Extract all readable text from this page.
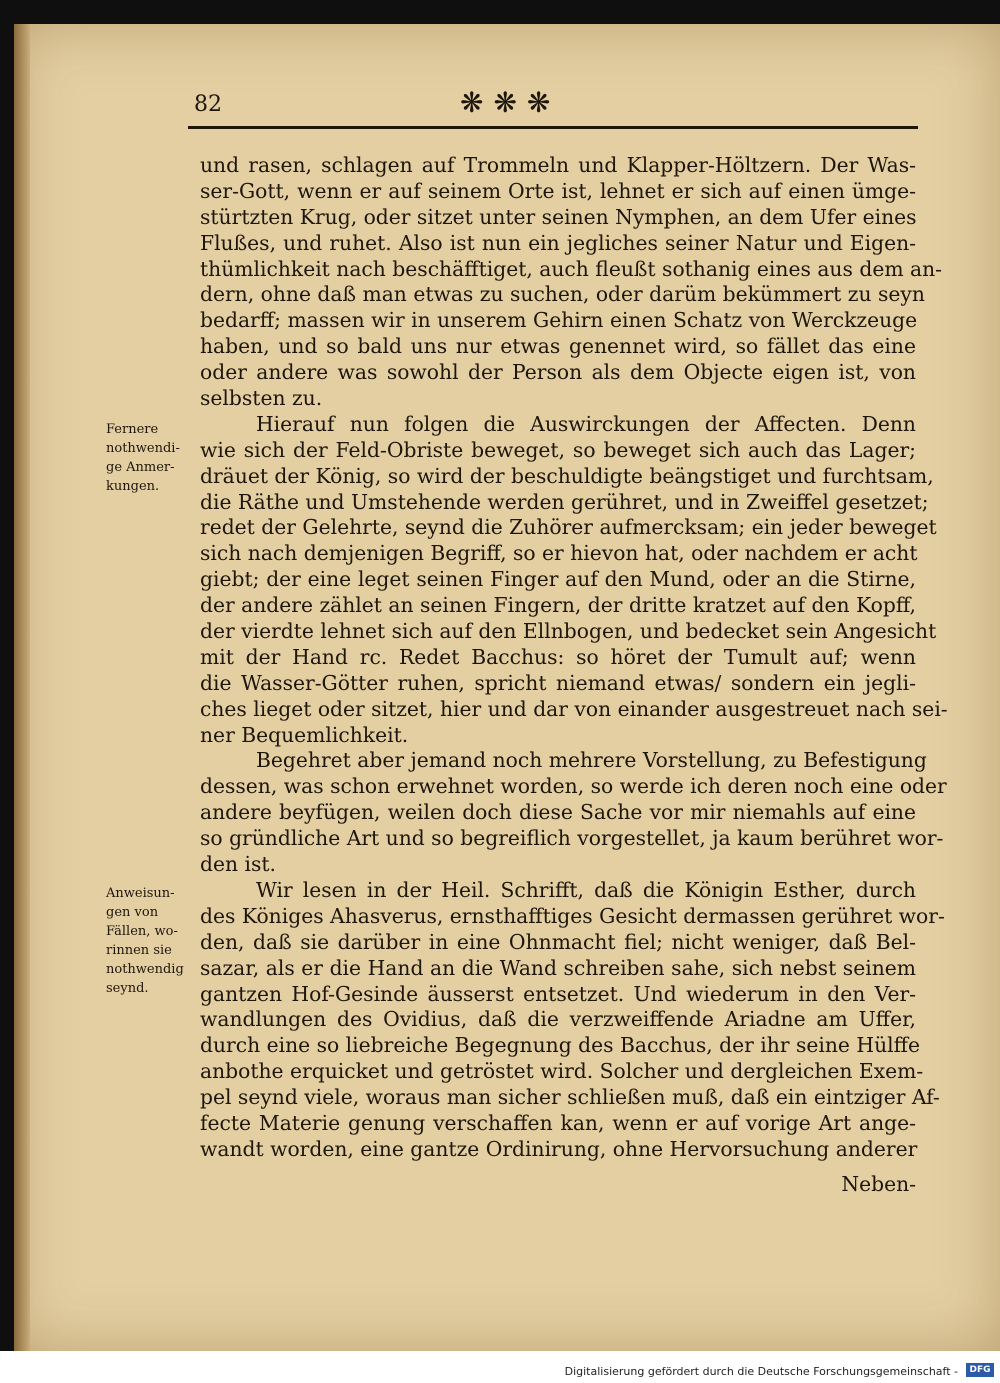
82	❋❋❋
und rasen, schlagen auf Trommeln und Klapper-Höltzern. Der Was-
ser-Gott, wenn er auf seinem Orte ist, lehnet er sich auf einen ümge-
stürtzten Krug, oder sitzet unter seinen Nymphen, an dem Ufer eines
Flußes, und ruhet. Also ist nun ein jegliches seiner Natur und Eigen-
thümlichkeit nach beschäfftiget, auch fleußt sothanig eines aus dem an-
dern, ohne daß man etwas zu suchen, oder darüm bekümmert zu seyn
bedarff; massen wir in unserem Gehirn einen Schatz von Werckzeuge
haben, und so bald uns nur etwas genennet wird, so fället das eine
oder andere was sowohl der Person als dem Objecte eigen ist, von
selbsten zu.
Hierauf nun folgen die Auswirckungen der Affecten. Denn
wie sich der Feld-Obriste beweget, so beweget sich auch das Lager;
dräuet der König, so wird der beschuldigte beängstiget und furchtsam,
die Räthe und Umstehende werden gerühret, und in Zweiffel gesetzet;
redet der Gelehrte, seynd die Zuhörer aufmercksam; ein jeder beweget
sich nach demjenigen Begriff, so er hievon hat, oder nachdem er acht
giebt; der eine leget seinen Finger auf den Mund, oder an die Stirne,
der andere zählet an seinen Fingern, der dritte kratzet auf den Kopff,
der vierdte lehnet sich auf den Ellnbogen, und bedecket sein Angesicht
mit der Hand rc. Redet Bacchus: so höret der Tumult auf; wenn
die Wasser-Götter ruhen, spricht niemand etwas/ sondern ein jegli-
ches lieget oder sitzet, hier und dar von einander ausgestreuet nach sei-
ner Bequemlichkeit.
Begehret aber jemand noch mehrere Vorstellung, zu Befestigung
dessen, was schon erwehnet worden, so werde ich deren noch eine oder
andere beyfügen, weilen doch diese Sache vor mir niemahls auf eine
so gründliche Art und so begreiflich vorgestellet, ja kaum berühret wor-
den ist.
Wir lesen in der Heil. Schrifft, daß die Königin Esther, durch
des Königes Ahasverus, ernsthafftiges Gesicht dermassen gerühret wor-
den, daß sie darüber in eine Ohnmacht fiel; nicht weniger, daß Bel-
sazar, als er die Hand an die Wand schreiben sahe, sich nebst seinem
gantzen Hof-Gesinde äusserst entsetzet. Und wiederum in den Ver-
wandlungen des Ovidius, daß die verzweiffende Ariadne am Uffer,
durch eine so liebreiche Begegnung des Bacchus, der ihr seine Hülffe
anbothe erquicket und getröstet wird. Solcher und dergleichen Exem-
pel seynd viele, woraus man sicher schließen muß, daß ein eintziger Af-
fecte Materie genung verschaffen kan, wenn er auf vorige Art ange-
wandt worden, eine gantze Ordinirung, ohne Hervorsuchung anderer
Fernere
nothwendi-
ge Anmer-
kungen.
Anweisun-
gen von
Fällen, wo-
rinnen sie
nothwendig
seynd.
Neben-
Digitalisierung gefördert durch die Deutsche Forschungsgemeinschaft -	DFG
